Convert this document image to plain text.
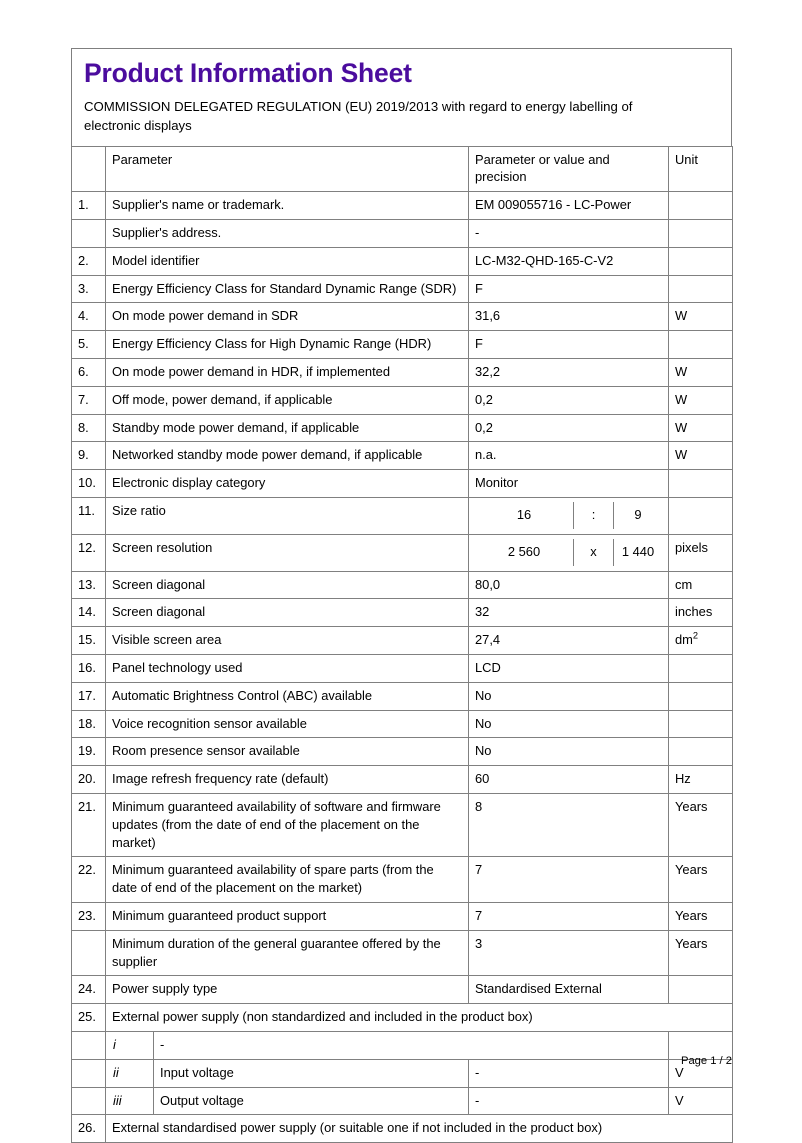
Product Information Sheet
COMMISSION DELEGATED REGULATION (EU) 2019/2013 with regard to energy labelling of electronic displays
	Parameter	Parameter or value and precision	Unit
1.	Supplier's name or trademark.	EM 009055716 - LC-Power	
	Supplier's address.	-	
2.	Model identifier	LC-M32-QHD-165-C-V2	
3.	Energy Efficiency Class for Standard Dynamic Range (SDR)	F	
4.	On mode power demand in SDR	31,6	W
5.	Energy Efficiency Class for High Dynamic Range (HDR)	F	
6.	On mode power demand in HDR, if implemented	32,2	W
7.	Off mode, power demand, if applicable	0,2	W
8.	Standby mode power demand, if applicable	0,2	W
9.	Networked standby mode power demand, if applicable	n.a.	W
10.	Electronic display category	Monitor	
11.	Size ratio	16	:	9

12.	Screen resolution	2 560	x	1 440	pixels
13.	Screen diagonal	80,0	cm
14.	Screen diagonal	32	inches
15.	Visible screen area	27,4	$dm^2$
16.	Panel technology used	LCD	
17.	Automatic Brightness Control (ABC) available	No	
18.	Voice recognition sensor available	No	
19.	Room presence sensor available	No	
20.	Image refresh frequency rate (default)	60	Hz
21.	Minimum guaranteed availability of software and firmware updates (from the date of end of the placement on the market)	8	Years
22.	Minimum guaranteed availability of spare parts (from the date of end of the placement on the market)	7	Years
23.	Minimum guaranteed product support	7	Years
	Minimum duration of the general guarantee offered by the supplier	3	Years
24.	Power supply type	Standardised External	
25.	External power supply (non standardized and included in the product box)		

i	-	

ii	Input voltage	-	V

iii	Output voltage	-	V
26.	External standardised power supply (or suitable one if not included in the product box)		
Page 1 / 2
